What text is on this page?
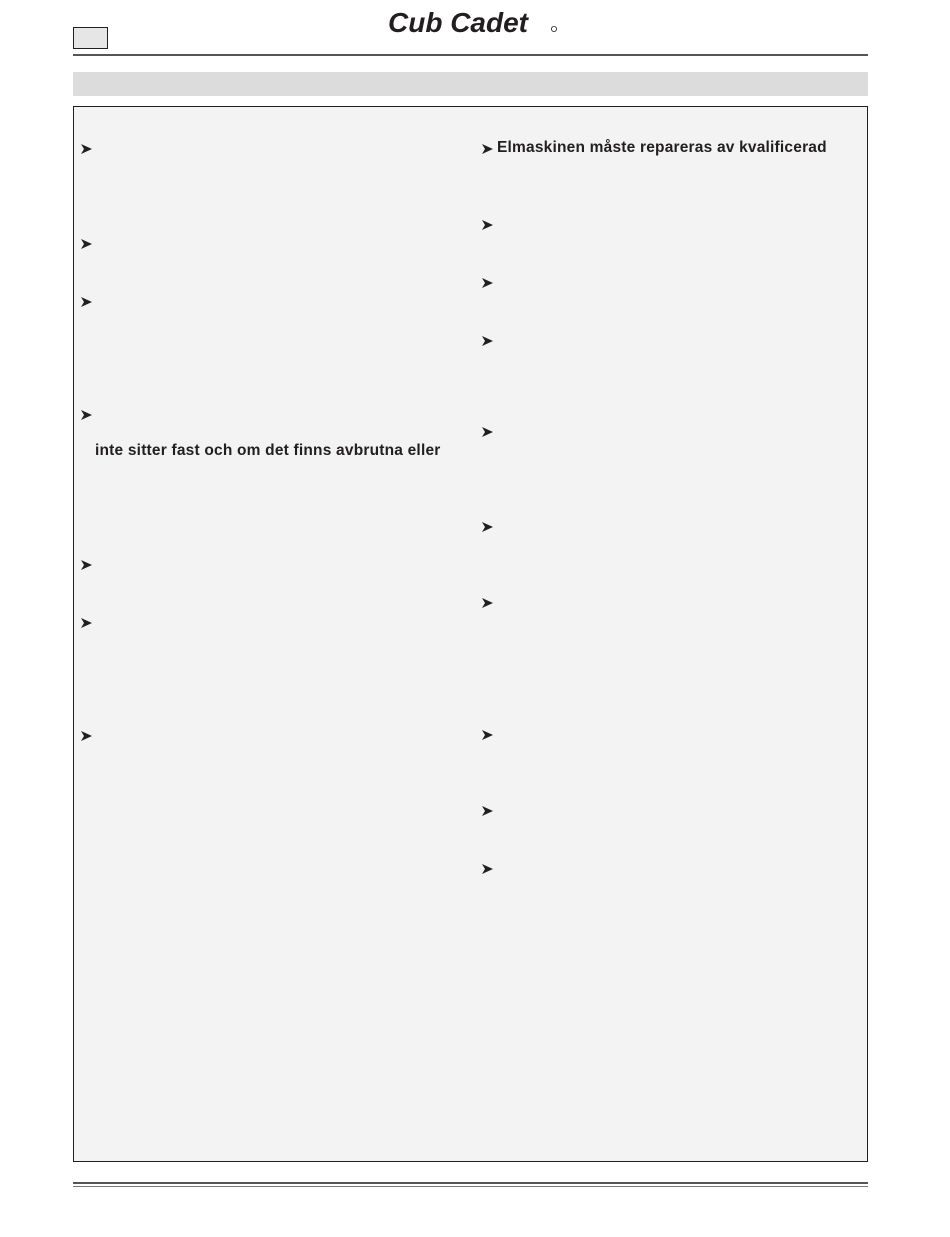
Cub Cadet
inte sitter fast och om det finns avbrutna eller
Elmaskinen måste repareras av kvalificerad
